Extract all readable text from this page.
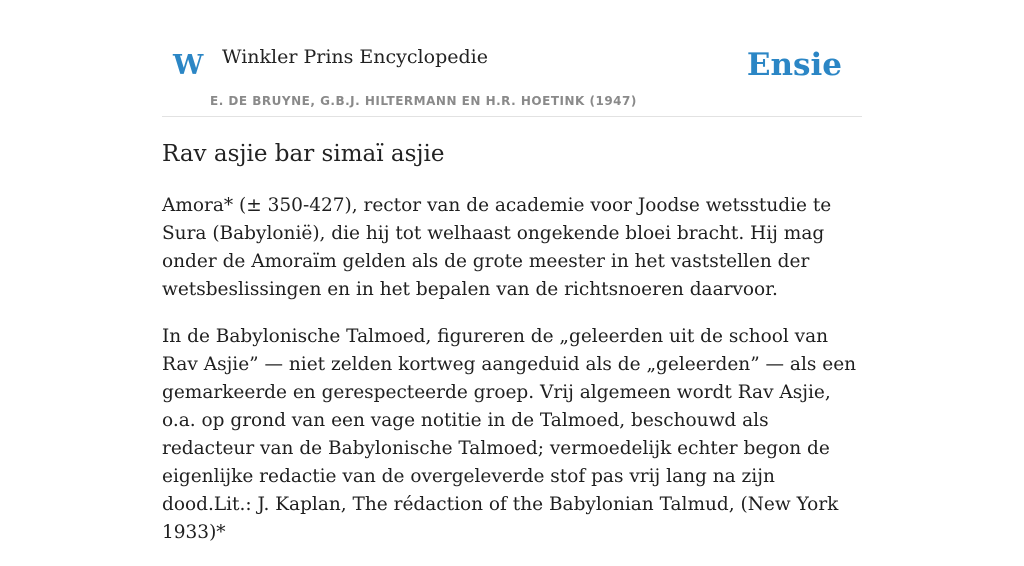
W Winkler Prins Encyclopedie
E. DE BRUYNE, G.B.J. HILTERMANN EN H.R. HOETINK (1947)
Ensie
Rav asjie bar simaï asjie

Amora* (± 350-427), rector van de academie voor Joodse wetsstudie te Sura (Babylonië), die hij tot welhaast ongekende bloei bracht. Hij mag onder de Amoraïm gelden als de grote meester in het vaststellen der wetsbeslissingen en in het bepalen van de richtsnoeren daarvoor.

In de Babylonische Talmoed, figureren de „geleerden uit de school van Rav Asjie” — niet zelden kortweg aangeduid als de „geleerden” — als een gemarkeerde en gerespecteerde groep. Vrij algemeen wordt Rav Asjie, o.a. op grond van een vage notitie in de Talmoed, beschouwd als redacteur van de Babylonische Talmoed; vermoedelijk echter begon de eigenlijke redactie van de overgeleverde stof pas vrij lang na zijn dood.Lit.: J. Kaplan, The rédaction of the Babylonian Talmud, (New York 1933)*
